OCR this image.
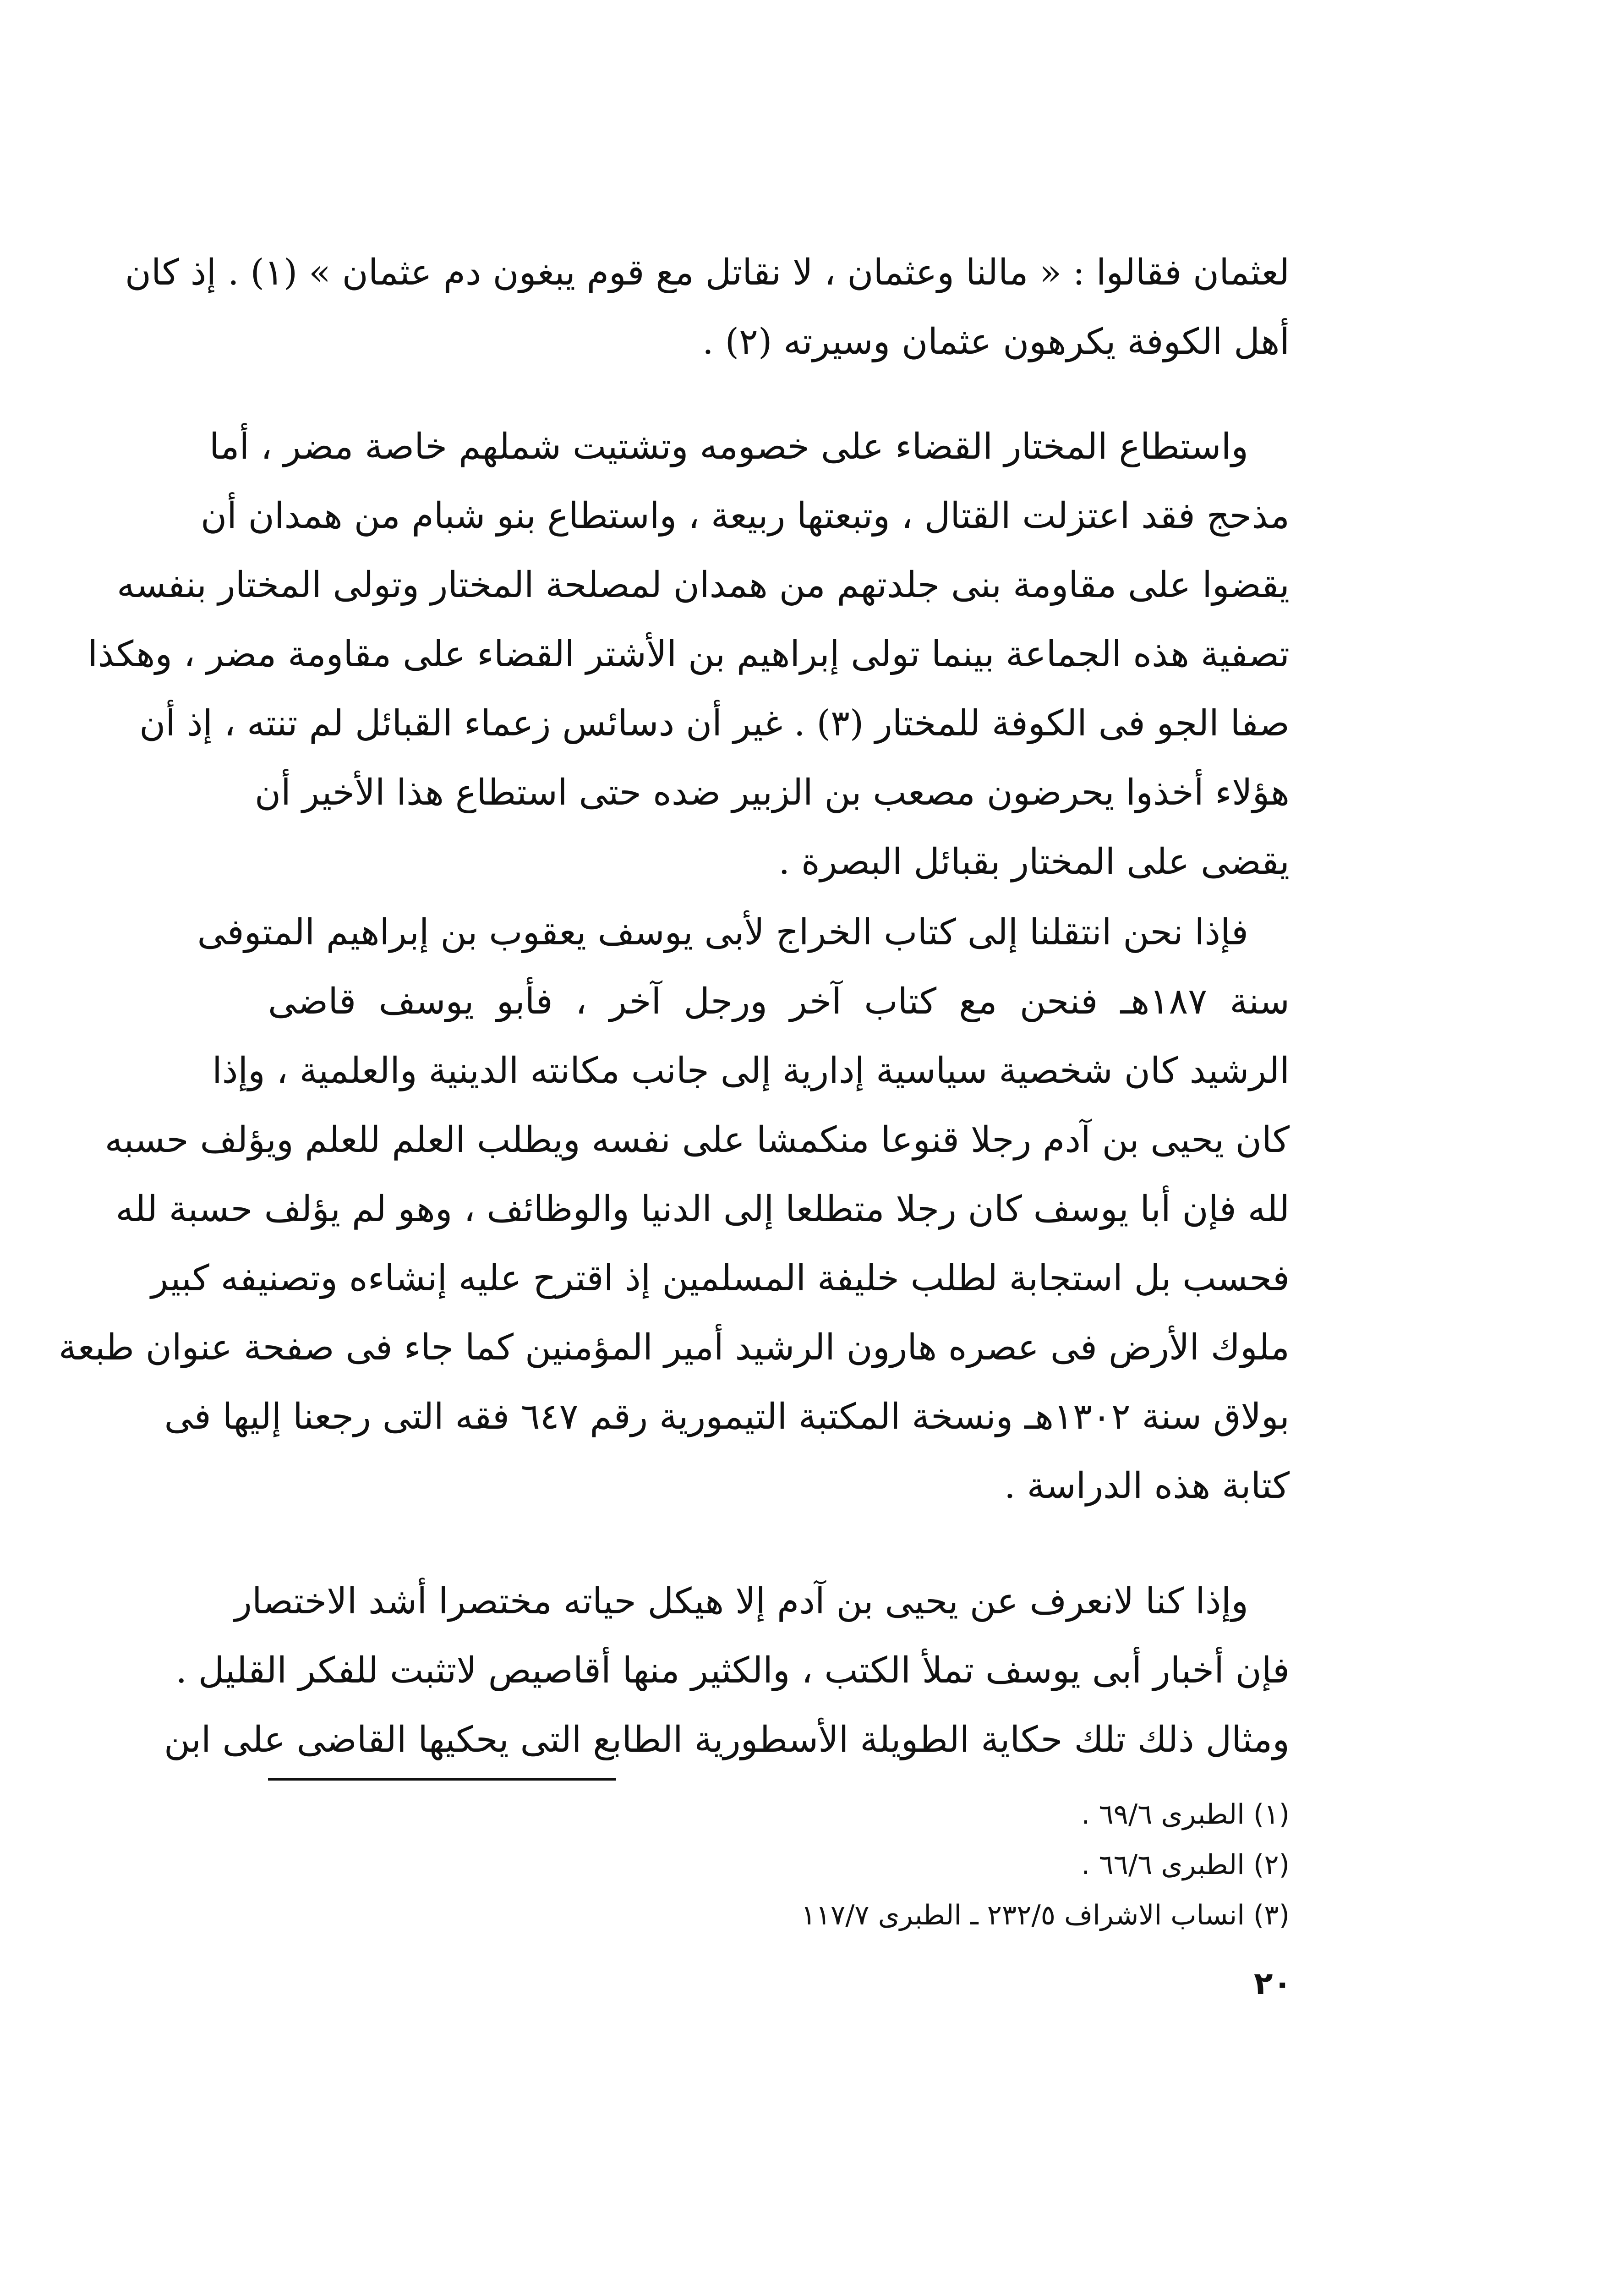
لعثمان فقالوا : « مالنا وعثمان ، لا نقاتل مع قوم يبغون دم عثمان » (١) . إذ كان
أهل الكوفة يكرهون عثمان وسيرته (٢) .

واستطاع المختار القضاء على خصومه وتشتيت شملهم خاصة مضر ، أما
مذحج فقد اعتزلت القتال ، وتبعتها ربيعة ، واستطاع بنو شبام من همدان أن
يقضوا على مقاومة بنى جلدتهم من همدان لمصلحة المختار وتولى المختار بنفسه
تصفية هذه الجماعة بينما تولى إبراهيم بن الأشتر القضاء على مقاومة مضر ، وهكذا
صفا الجو فى الكوفة للمختار (٣) . غير أن دسائس زعماء القبائل لم تنته ، إذ أن
هؤلاء أخذوا يحرضون مصعب بن الزبير ضده حتى استطاع هذا الأخير أن
يقضى على المختار بقبائل البصرة .

فإذا نحن انتقلنا إلى كتاب الخراج لأبى يوسف يعقوب بن إبراهيم المتوفى
سنة ١٨٧هـ فنحن مع كتاب آخر ورجل آخر ، فأبو يوسف قاضى
الرشيد كان شخصية سياسية إدارية إلى جانب مكانته الدينية والعلمية ، وإذا
كان يحيى بن آدم رجلا قنوعا منكمشا على نفسه ويطلب العلم للعلم ويؤلف حسبه
لله فإن أبا يوسف كان رجلا متطلعا إلى الدنيا والوظائف ، وهو لم يؤلف حسبة لله
فحسب بل استجابة لطلب خليفة المسلمين إذ اقترح عليه إنشاءه وتصنيفه كبير
ملوك الأرض فى عصره هارون الرشيد أمير المؤمنين كما جاء فى صفحة عنوان طبعة
بولاق سنة ١٣٠٢هـ ونسخة المكتبة التيمورية رقم ٦٤٧ فقه التى رجعنا إليها فى
كتابة هذه الدراسة .

وإذا كنا لانعرف عن يحيى بن آدم إلا هيكل حياته مختصرا أشد الاختصار
فإن أخبار أبى يوسف تملأ الكتب ، والكثير منها أقاصيص لاتثبت للفكر القليل .
ومثال ذلك تلك حكاية الطويلة الأسطورية الطابع التى يحكيها القاضى على ابن

(١) الطبرى ٦٩/٦ .

(٢) الطبرى ٦٦/٦ .

(٣) انساب الاشراف ٢٣٢/٥ ـ الطبرى ١١٧/٧

٢٠
